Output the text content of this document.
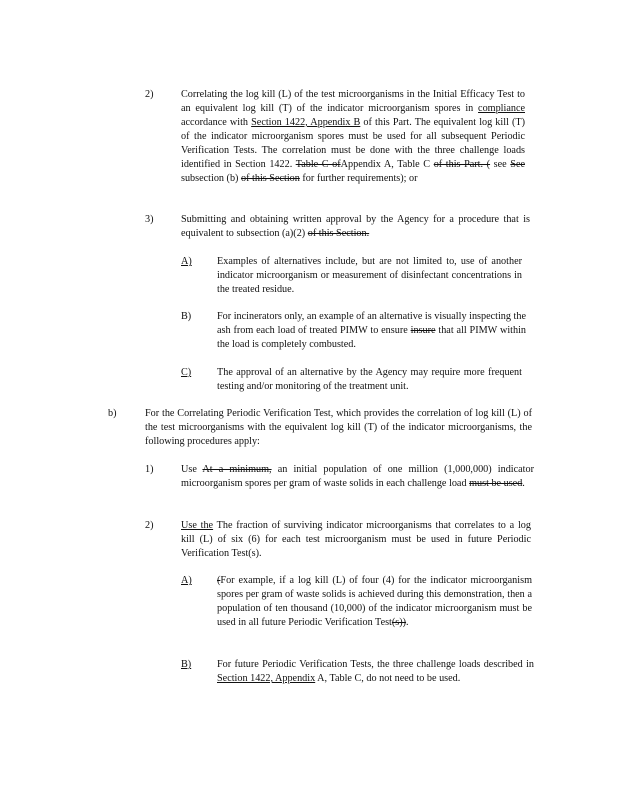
2)	Correlating the log kill (L) of the test microorganisms in the Initial Efficacy Test to an equivalent log kill (T) of the indicator microorganism spores in compliance accordance with Section 1422, Appendix B of this Part. The equivalent log kill (T) of the indicator microorganism spores must be used for all subsequent Periodic Verification Tests. The correlation must be done with the three challenge loads identified in Section 1422. Table C ofAppendix A, Table C of this Part. ( see See subsection (b) of this Section for further requirements); or
3)	Submitting and obtaining written approval by the Agency for a procedure that is equivalent to subsection (a)(2) of this Section.
A) Examples of alternatives include, but are not limited to, use of another indicator microorganism or measurement of disinfectant concentrations in the treated residue.
B)	For incinerators only, an example of an alternative is visually inspecting the ash from each load of treated PIMW to ensure insure that all PIMW within the load is completely combusted.
C)	The approval of an alternative by the Agency may require more frequent testing and/or monitoring of the treatment unit.
b)	For the Correlating Periodic Verification Test, which provides the correlation of log kill (L) of the test microorganisms with the equivalent log kill (T) of the indicator microorganisms, the following procedures apply:
1)	Use At a minimum, an initial population of one million (1,000,000) indicator microorganism spores per gram of waste solids in each challenge load must be used.
2)	Use the The fraction of surviving indicator microorganisms that correlates to a log kill (L) of six (6) for each test microorganism must be used in future Periodic Verification Test(s).
A) (For example, if a log kill (L) of four (4) for the indicator microorganism spores per gram of waste solids is achieved during this demonstration, then a population of ten thousand (10,000) of the indicator microorganism must be used in all future Periodic Verification Test(s)).
B)	For future Periodic Verification Tests, the three challenge loads described in Section 1422, Appendix A, Table C, do not need to be used.
